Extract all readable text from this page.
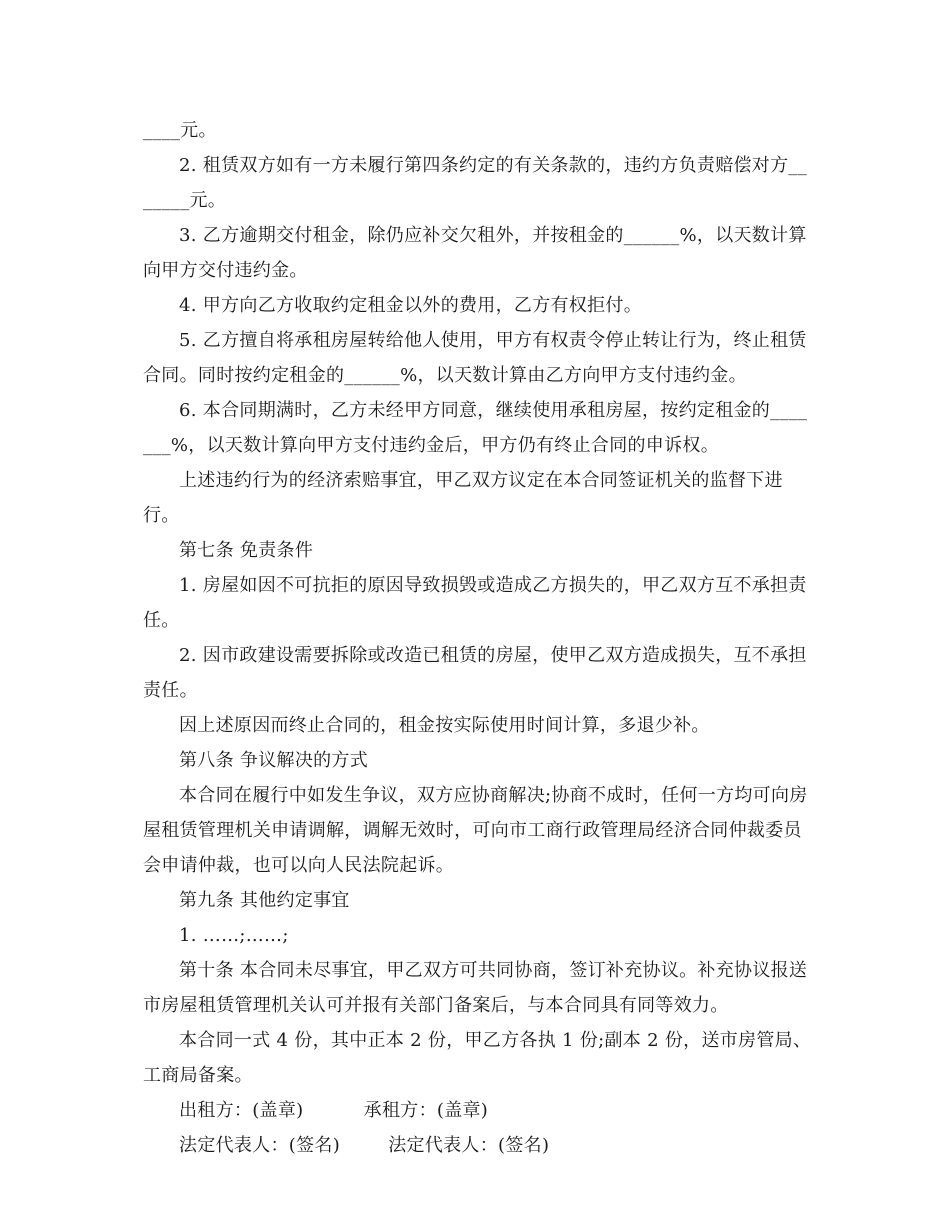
____元。

2. 租赁双方如有一方未履行第四条约定的有关条款的，违约方负责赔偿对方_______元。

3. 乙方逾期交付租金，除仍应补交欠租外，并按租金的______%，以天数计算向甲方交付违约金。

4. 甲方向乙方收取约定租金以外的费用，乙方有权拒付。

5. 乙方擅自将承租房屋转给他人使用，甲方有权责令停止转让行为，终止租赁合同。同时按约定租金的______%，以天数计算由乙方向甲方支付违约金。

6. 本合同期满时，乙方未经甲方同意，继续使用承租房屋，按约定租金的_______%，以天数计算向甲方支付违约金后，甲方仍有终止合同的申诉权。

上述违约行为的经济索赔事宜，甲乙双方议定在本合同签证机关的监督下进行。

第七条 免责条件

1. 房屋如因不可抗拒的原因导致损毁或造成乙方损失的，甲乙双方互不承担责任。

2. 因市政建设需要拆除或改造已租赁的房屋，使甲乙双方造成损失，互不承担责任。

因上述原因而终止合同的，租金按实际使用时间计算，多退少补。

第八条 争议解决的方式

本合同在履行中如发生争议，双方应协商解决;协商不成时，任何一方均可向房屋租赁管理机关申请调解，调解无效时，可向市工商行政管理局经济合同仲裁委员会申请仲裁，也可以向人民法院起诉。

第九条 其他约定事宜

1. ……;……;

第十条 本合同未尽事宜，甲乙双方可共同协商，签订补充协议。补充协议报送市房屋租赁管理机关认可并报有关部门备案后，与本合同具有同等效力。

本合同一式 4 份，其中正本 2 份，甲乙方各执 1 份;副本 2 份，送市房管局、工商局备案。

出租方：(盖章)	承租方：(盖章)
法定代表人：(签名)	法定代表人：(签名)
